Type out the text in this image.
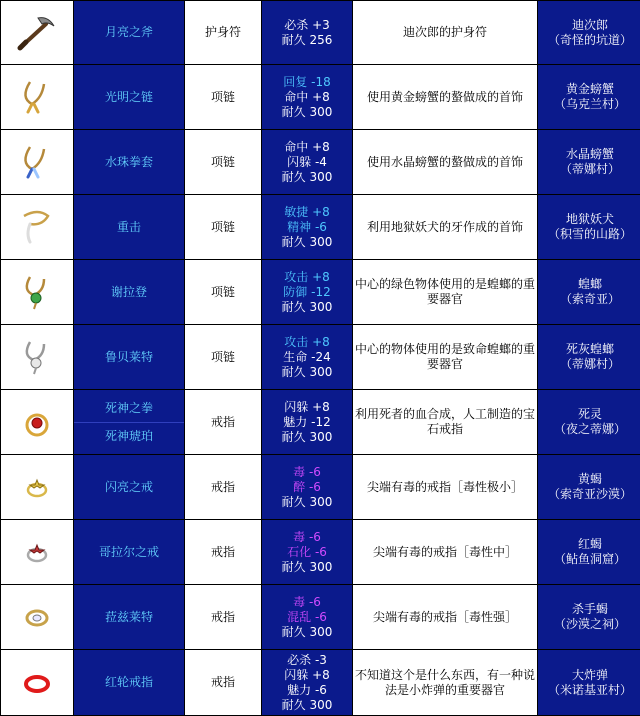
月亮之斧	护身符	必杀 +3
耐久 256	迪次郎的护身符	迪次郎
（奇怪的坑道）

光明之链	项链	回复 -18
命中 +8
耐久 300	使用黄金螃蟹的螯做成的首饰	黄金螃蟹
（乌克兰村）

水珠拳套	项链	命中 +8
闪躲 -4
耐久 300	使用水晶螃蟹的螯做成的首饰	水晶螃蟹
（蒂娜村）

重击	项链	敏捷 +8
精神 -6
耐久 300	利用地狱妖犬的牙作成的首饰	地狱妖犬
（积雪的山路）

谢拉登	项链	攻击 +8
防御 -12
耐久 300	中心的绿色物体使用的是蝗螂的重要器官	蝗螂
（索奇亚）

鲁贝莱特	项链	攻击 +8
生命 -24
耐久 300	中心的物体使用的是致命蝗螂的重要器官	死灰蝗螂
（蒂娜村）

死神之拳
死神琥珀	戒指	闪躲 +8
魅力 -12
耐久 300	利用死者的血合成，人工制造的宝石戒指	死灵
（夜之蒂娜）

闪亮之戒	戒指	毒 -6
醉 -6
耐久 300	尖端有毒的戒指［毒性极小］	黄蝎
（索奇亚沙漠）

哥拉尔之戒	戒指	毒 -6
石化 -6
耐久 300	尖端有毒的戒指［毒性中］	红蝎
（鲇鱼洞窟）

菈兹莱特	戒指	毒 -6
混乱 -6
耐久 300	尖端有毒的戒指［毒性强］	杀手蝎
（沙漠之祠）

红轮戒指	戒指	必杀 -3
闪躲 +8
魅力 -6
耐久 300	不知道这个是什么东西，有一种说法是小炸弹的重要器官	大炸弹
（米诺基亚村）
